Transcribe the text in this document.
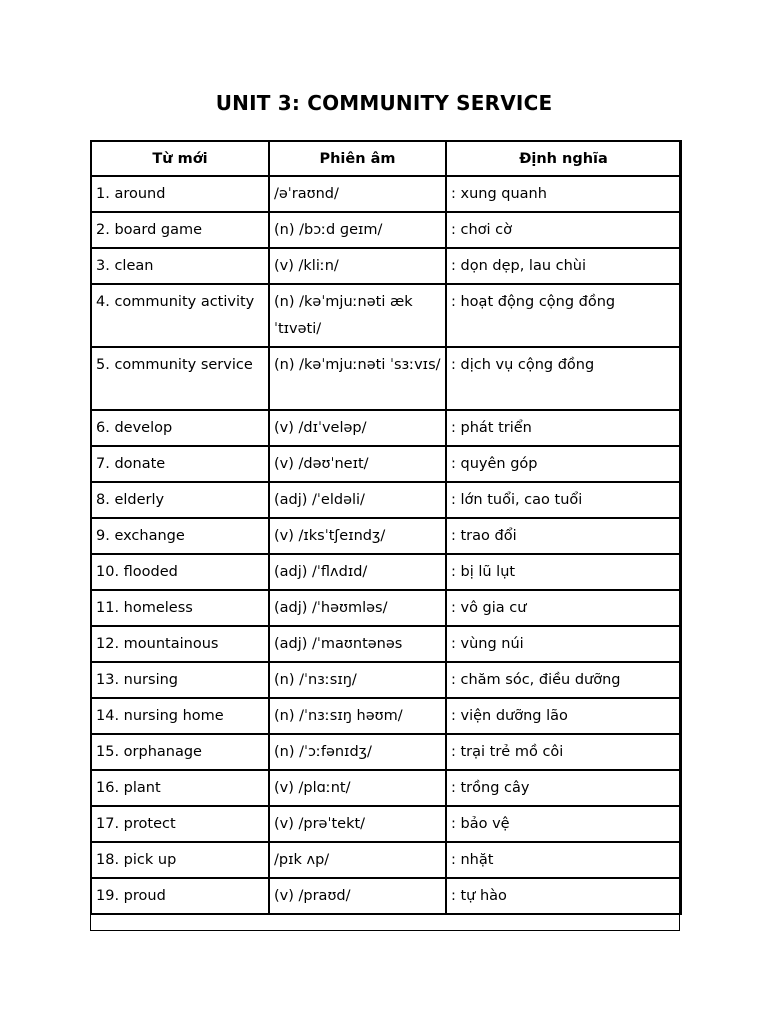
UNIT 3: COMMUNITY SERVICE
Từ mới	Phiên âm	Định nghĩa
1. around	/əˈraʊnd/	: xung quanh
2. board game	(n) /bɔːd ɡeɪm/	: chơi cờ
3. clean	(v) /kliːn/	: dọn dẹp, lau chùi
4. community activity	(n) /kəˈmjuːnəti æk ˈtɪvəti/	: hoạt động cộng đồng
5. community service	(n) /kəˈmjuːnəti ˈsɜːvɪs/	: dịch vụ cộng đồng
6. develop	(v) /dɪˈveləp/	: phát triển
7. donate	(v) /dəʊˈneɪt/	: quyên góp
8. elderly	(adj) /ˈeldəli/	: lớn tuổi, cao tuổi
9. exchange	(v) /ɪksˈtʃeɪndʒ/	: trao đổi
10. flooded	(adj) /ˈflʌdɪd/	: bị lũ lụt
11. homeless	(adj) /ˈhəʊmləs/	: vô gia cư
12. mountainous	(adj) /ˈmaʊntənəs	: vùng núi
13. nursing	(n) /ˈnɜːsɪŋ/	: chăm sóc, điều dưỡng
14. nursing home	(n) /ˈnɜːsɪŋ həʊm/	: viện dưỡng lão
15. orphanage	(n) /ˈɔːfənɪdʒ/	: trại trẻ mồ côi
16. plant	(v) /plɑːnt/	: trồng cây
17. protect	(v) /prəˈtekt/	: bảo vệ
18. pick up	/pɪk ʌp/	: nhặt
19. proud	(v) /praʊd/	: tự hào
